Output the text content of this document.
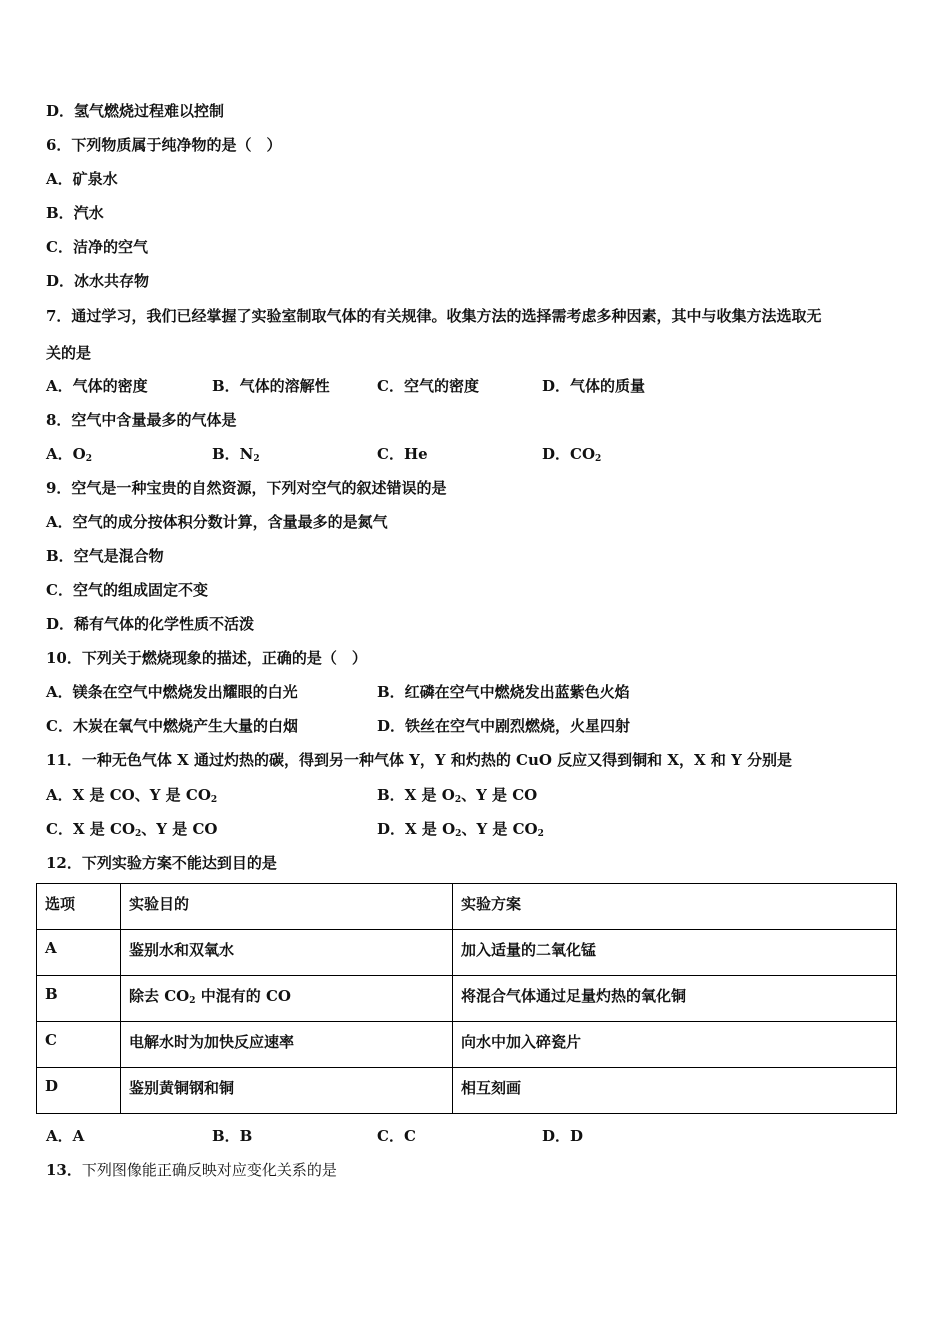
D．氢气燃烧过程难以控制
6．下列物质属于纯净物的是（　）
A．矿泉水
B．汽水
C．洁净的空气
D．冰水共存物
7．通过学习，我们已经掌握了实验室制取气体的有关规律。收集方法的选择需考虑多种因素，其中与收集方法选取无
关的是
A．气体的密度	B．气体的溶解性	C．空气的密度	D．气体的质量
8．空气中含量最多的气体是
A．$O_2$	B．$N_2$	C．He	D．$CO_2$
9．空气是一种宝贵的自然资源，下列对空气的叙述错误的是
A．空气的成分按体积分数计算，含量最多的是氮气
B．空气是混合物
C．空气的组成固定不变
D．稀有气体的化学性质不活泼
10．下列关于燃烧现象的描述，正确的是（　）
A．镁条在空气中燃烧发出耀眼的白光	B．红磷在空气中燃烧发出蓝紫色火焰
C．木炭在氧气中燃烧产生大量的白烟	D．铁丝在空气中剧烈燃烧，火星四射
11．一种无色气体 X 通过灼热的碳，得到另一种气体 Y，Y 和灼热的 CuO 反应又得到铜和 X，X 和 Y 分别是
A．X 是 CO、Y 是 $CO_2$	B．X 是 $O_2$、Y 是 CO
C．X 是 $CO_2$、Y 是 CO	D．X 是 $O_2$、Y 是 $CO_2$
12．下列实验方案不能达到目的是
选项	实验目的	实验方案
A	鉴别水和双氧水	加入适量的二氧化锰
B	除去 $CO_2$ 中混有的 CO	将混合气体通过足量灼热的氧化铜
C	电解水时为加快反应速率	向水中加入碎瓷片
D	鉴别黄铜钢和铜	相互刻画
A．A	B．B	C．C	D．D
13．下列图像能正确反映对应变化关系的是
